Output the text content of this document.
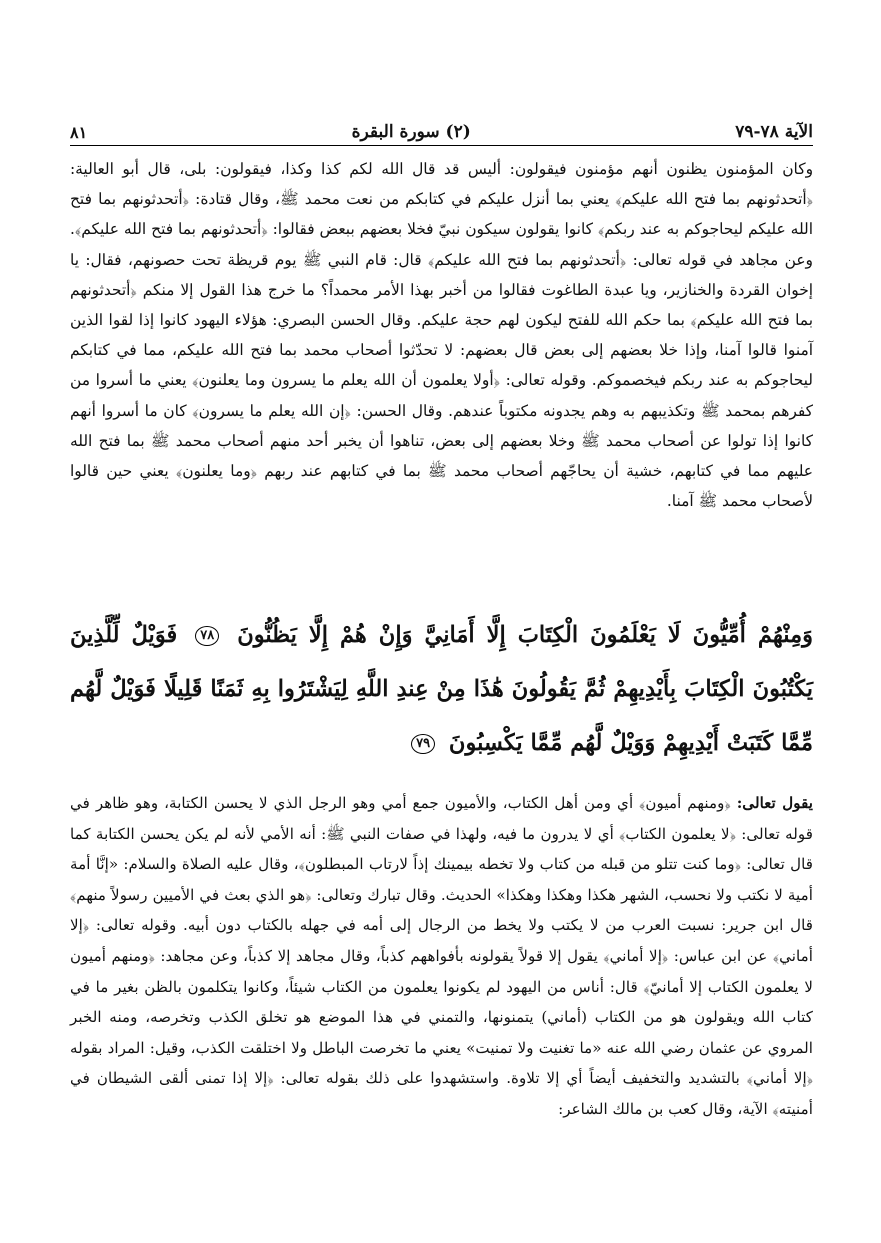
٨١	(٢) سورة البقرة	الآية ٧٨-٧٩

وكان المؤمنون يظنون أنهم مؤمنون فيقولون: أليس قد قال الله لكم كذا وكذا، فيقولون: بلى، قال أبو العالية: ﴿أتحدثونهم بما فتح الله عليكم﴾ يعني بما أنزل عليكم في كتابكم من نعت محمد ﷺ، وقال قتادة: ﴿أتحدثونهم بما فتح الله عليكم ليحاجوكم به عند ربكم﴾ كانوا يقولون سيكون نبيّ فخلا بعضهم ببعض فقالوا: ﴿أتحدثونهم بما فتح الله عليكم﴾. وعن مجاهد في قوله تعالى: ﴿أتحدثونهم بما فتح الله عليكم﴾ قال: قام النبي ﷺ يوم قريظة تحت حصونهم، فقال: يا إخوان القردة والخنازير، ويا عبدة الطاغوت فقالوا من أخبر بهذا الأمر محمداً؟ ما خرج هذا القول إلا منكم ﴿أتحدثونهم بما فتح الله عليكم﴾ بما حكم الله للفتح ليكون لهم حجة عليكم. وقال الحسن البصري: هؤلاء اليهود كانوا إذا لقوا الذين آمنوا قالوا آمنا، وإذا خلا بعضهم إلى بعض قال بعضهم: لا تحدّثوا أصحاب محمد بما فتح الله عليكم، مما في كتابكم ليحاجوكم به عند ربكم فيخصموكم. وقوله تعالى: ﴿أولا يعلمون أن الله يعلم ما يسرون وما يعلنون﴾ يعني ما أسروا من كفرهم بمحمد ﷺ وتكذيبهم به وهم يجدونه مكتوباً عندهم. وقال الحسن: ﴿إن الله يعلم ما يسرون﴾ كان ما أسروا أنهم كانوا إذا تولوا عن أصحاب محمد ﷺ وخلا بعضهم إلى بعض، تناهوا أن يخبر أحد منهم أصحاب محمد ﷺ بما فتح الله عليهم مما في كتابهم، خشية أن يحاجّهم أصحاب محمد ﷺ بما في كتابهم عند ربهم ﴿وما يعلنون﴾ يعني حين قالوا لأصحاب محمد ﷺ آمنا.

وَمِنْهُمْ أُمِّيُّونَ لَا يَعْلَمُونَ الْكِتَابَ إِلَّا أَمَانِيَّ وَإِنْ هُمْ إِلَّا يَظُنُّونَ ٧٨ فَوَيْلٌ لِّلَّذِينَ يَكْتُبُونَ الْكِتَابَ بِأَيْدِيهِمْ ثُمَّ يَقُولُونَ هَٰذَا مِنْ عِندِ اللَّهِ لِيَشْتَرُوا بِهِ ثَمَنًا قَلِيلًا فَوَيْلٌ لَّهُم مِّمَّا كَتَبَتْ أَيْدِيهِمْ وَوَيْلٌ لَّهُم مِّمَّا يَكْسِبُونَ ٧٩

يقول تعالى: ﴿ومنهم أميون﴾ أي ومن أهل الكتاب، والأميون جمع أمي وهو الرجل الذي لا يحسن الكتابة، وهو ظاهر في قوله تعالى: ﴿لا يعلمون الكتاب﴾ أي لا يدرون ما فيه، ولهذا في صفات النبي ﷺ: أنه الأمي لأنه لم يكن يحسن الكتابة كما قال تعالى: ﴿وما كنت تتلو من قبله من كتاب ولا تخطه بيمينك إذاً لارتاب المبطلون﴾، وقال عليه الصلاة والسلام: «إنَّا أمة أمية لا نكتب ولا نحسب، الشهر هكذا وهكذا وهكذا» الحديث. وقال تبارك وتعالى: ﴿هو الذي بعث في الأميين رسولاً منهم﴾ قال ابن جرير: نسبت العرب من لا يكتب ولا يخط من الرجال إلى أمه في جهله بالكتاب دون أبيه. وقوله تعالى: ﴿إلا أماني﴾ عن ابن عباس: ﴿إلا أماني﴾ يقول إلا قولاً يقولونه بأفواههم كذباً، وقال مجاهد إلا كذباً، وعن مجاهد: ﴿ومنهم أميون لا يعلمون الكتاب إلا أمانيّ﴾ قال: أناس من اليهود لم يكونوا يعلمون من الكتاب شيئاً، وكانوا يتكلمون بالظن بغير ما في كتاب الله ويقولون هو من الكتاب (أماني) يتمنونها، والتمني في هذا الموضع هو تخلق الكذب وتخرصه، ومنه الخبر المروي عن عثمان رضي الله عنه «ما تغنيت ولا تمنيت» يعني ما تخرصت الباطل ولا اختلقت الكذب، وقيل: المراد بقوله ﴿إلا أماني﴾ بالتشديد والتخفيف أيضاً أي إلا تلاوة. واستشهدوا على ذلك بقوله تعالى: ﴿إلا إذا تمنى ألقى الشيطان في أمنيته﴾ الآية، وقال كعب بن مالك الشاعر:
